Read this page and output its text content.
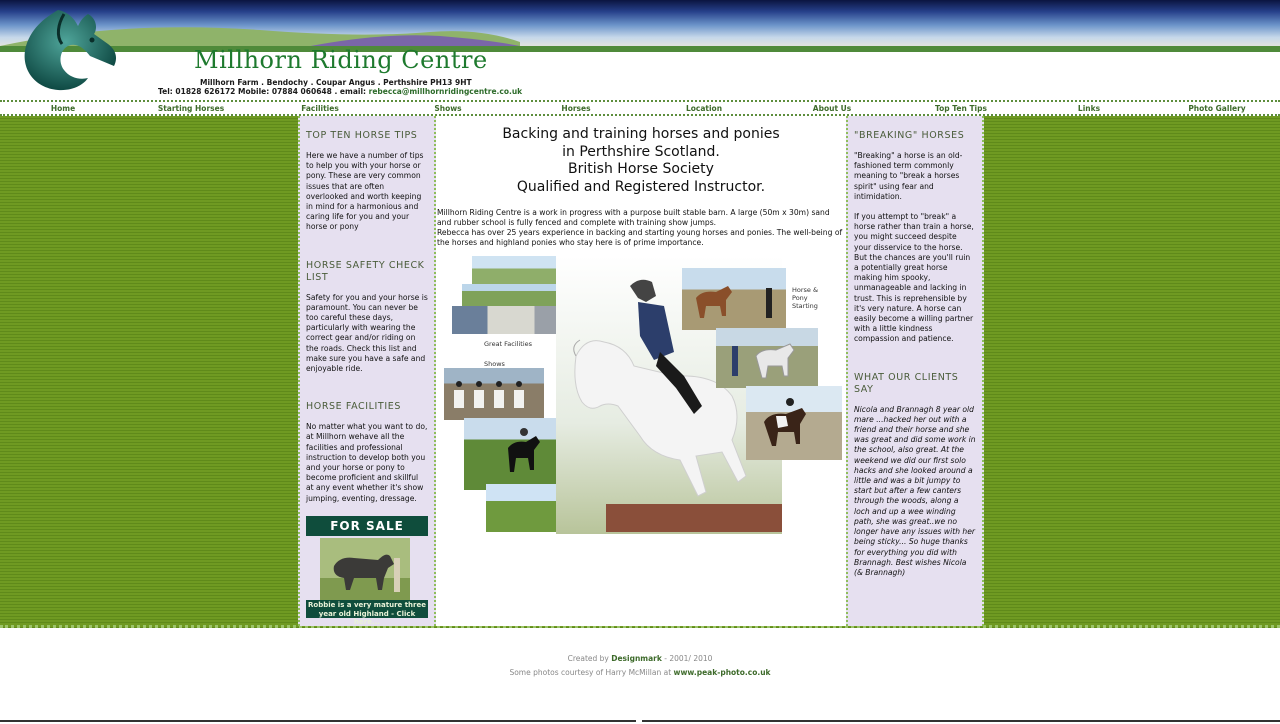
Millhorn Riding Centre
Millhorn Farm . Bendochy . Coupar Angus . Perthshire PH13 9HT
Tel: 01828 626172 Mobile: 07884 060648 . email: rebecca@millhornridingcentre.co.uk
Home	Starting Horses	Facilities	Shows	Horses	Location	About Us	Top Ten Tips	Links	Photo Gallery
TOP TEN HORSE TIPS
Here we have a number of tips to help you with your horse or pony. These are very common issues that are often overlooked and worth keeping in mind for a harmonious and caring life for you and your horse or pony
HORSE SAFETY CHECK LIST
Safety for you and your horse is paramount. You can never be too careful these days, particularly with wearing the correct gear and/or riding on the roads. Check this list and make sure you have a safe and enjoyable ride.
HORSE FACILITIES
No matter what you want to do, at Millhorn wehave all the facilities and professional instruction to develop both you and your horse or pony to become proficient and skillful at any event whether it's show jumping, eventing, dressage.
FOR SALE
Robbie is a very mature three year old Highland - Click here...
Backing and training horses and ponies
in Perthshire Scotland.
British Horse Society
Qualified and Registered Instructor.
Millhorn Riding Centre is a work in progress with a purpose built stable barn. A large (50m x 30m) sand and rubber school is fully fenced and complete with training show jumps.
Rebecca has over 25 years experience in backing and starting young horses and ponies. The well-being of the horses and highland ponies who stay here is of prime importance.
Great Facilities
Shows
Horse & Pony Starting
"BREAKING" HORSES
"Breaking" a horse is an old-fashioned term commonly meaning to "break a horses spirit" using fear and intimidation.
If you attempt to "break" a horse rather than train a horse, you might succeed despite your disservice to the horse. But the chances are you'll ruin a potentially great horse making him spooky, unmanageable and lacking in trust. This is reprehensible by it's very nature. A horse can easily become a willing partner with a little kindness compassion and patience.
WHAT OUR CLIENTS SAY
Nicola and Brannagh 8 year old mare ...hacked her out with a friend and their horse and she was great and did some work in the school, also great. At the weekend we did our first solo hacks and she looked around a little and was a bit jumpy to start but after a few canters through the woods, along a loch and up a wee winding path, she was great..we no longer have any issues with her being sticky... So huge thanks for everything you did with Brannagh. Best wishes Nicola (& Brannagh)
Created by Designmark - 2001/ 2010
Some photos courtesy of Harry McMillan at www.peak-photo.co.uk
